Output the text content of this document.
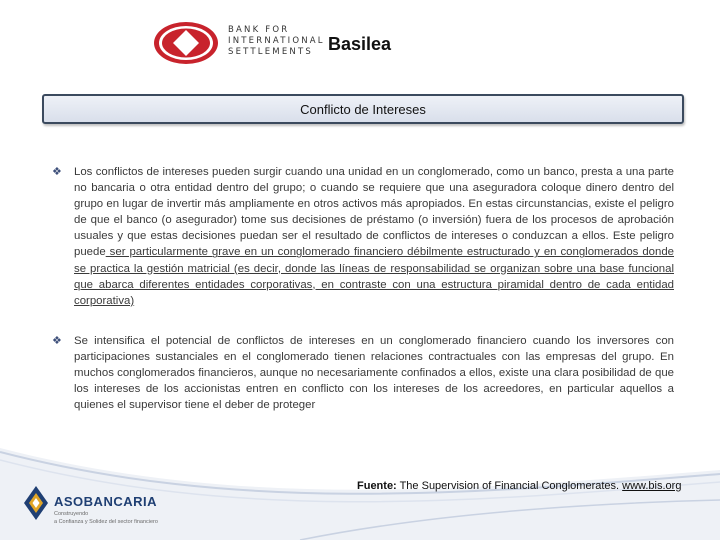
BANK FOR
INTERNATIONAL
SETTLEMENTS Basilea
Conflicto de Intereses
❖	Los conflictos de intereses pueden surgir cuando una unidad en un conglomerado, como un banco, presta a una parte no bancaria o otra entidad dentro del grupo; o cuando se requiere que una aseguradora coloque dinero dentro del grupo en lugar de invertir más ampliamente en otros activos más apropiados. En estas circunstancias, existe el peligro de que el banco (o asegurador) tome sus decisiones de préstamo (o inversión) fuera de los procesos de aprobación usuales y que estas decisiones puedan ser el resultado de conflictos de intereses o conduzcan a ellos. Este peligro puede ser particularmente grave en un conglomerado financiero débilmente estructurado y en conglomerados donde se practica la gestión matricial (es decir, donde las líneas de responsabilidad se organizan sobre una base funcional que abarca diferentes entidades corporativas, en contraste con una estructura piramidal dentro de cada entidad corporativa)
❖	Se intensifica el potencial de conflictos de intereses en un conglomerado financiero cuando los inversores con participaciones sustanciales en el conglomerado tienen relaciones contractuales con las empresas del grupo. En muchos conglomerados financieros, aunque no necesariamente confinados a ellos, existe una clara posibilidad de que los intereses de los accionistas entren en conflicto con los intereses de los acreedores, en particular aquellos a quienes el supervisor tiene el deber de proteger
ASOBANCARIA
Construyendo
a Confianza y Solidez del sector financiero
Fuente: The Supervision of Financial Conglomerates. www.bis.org
